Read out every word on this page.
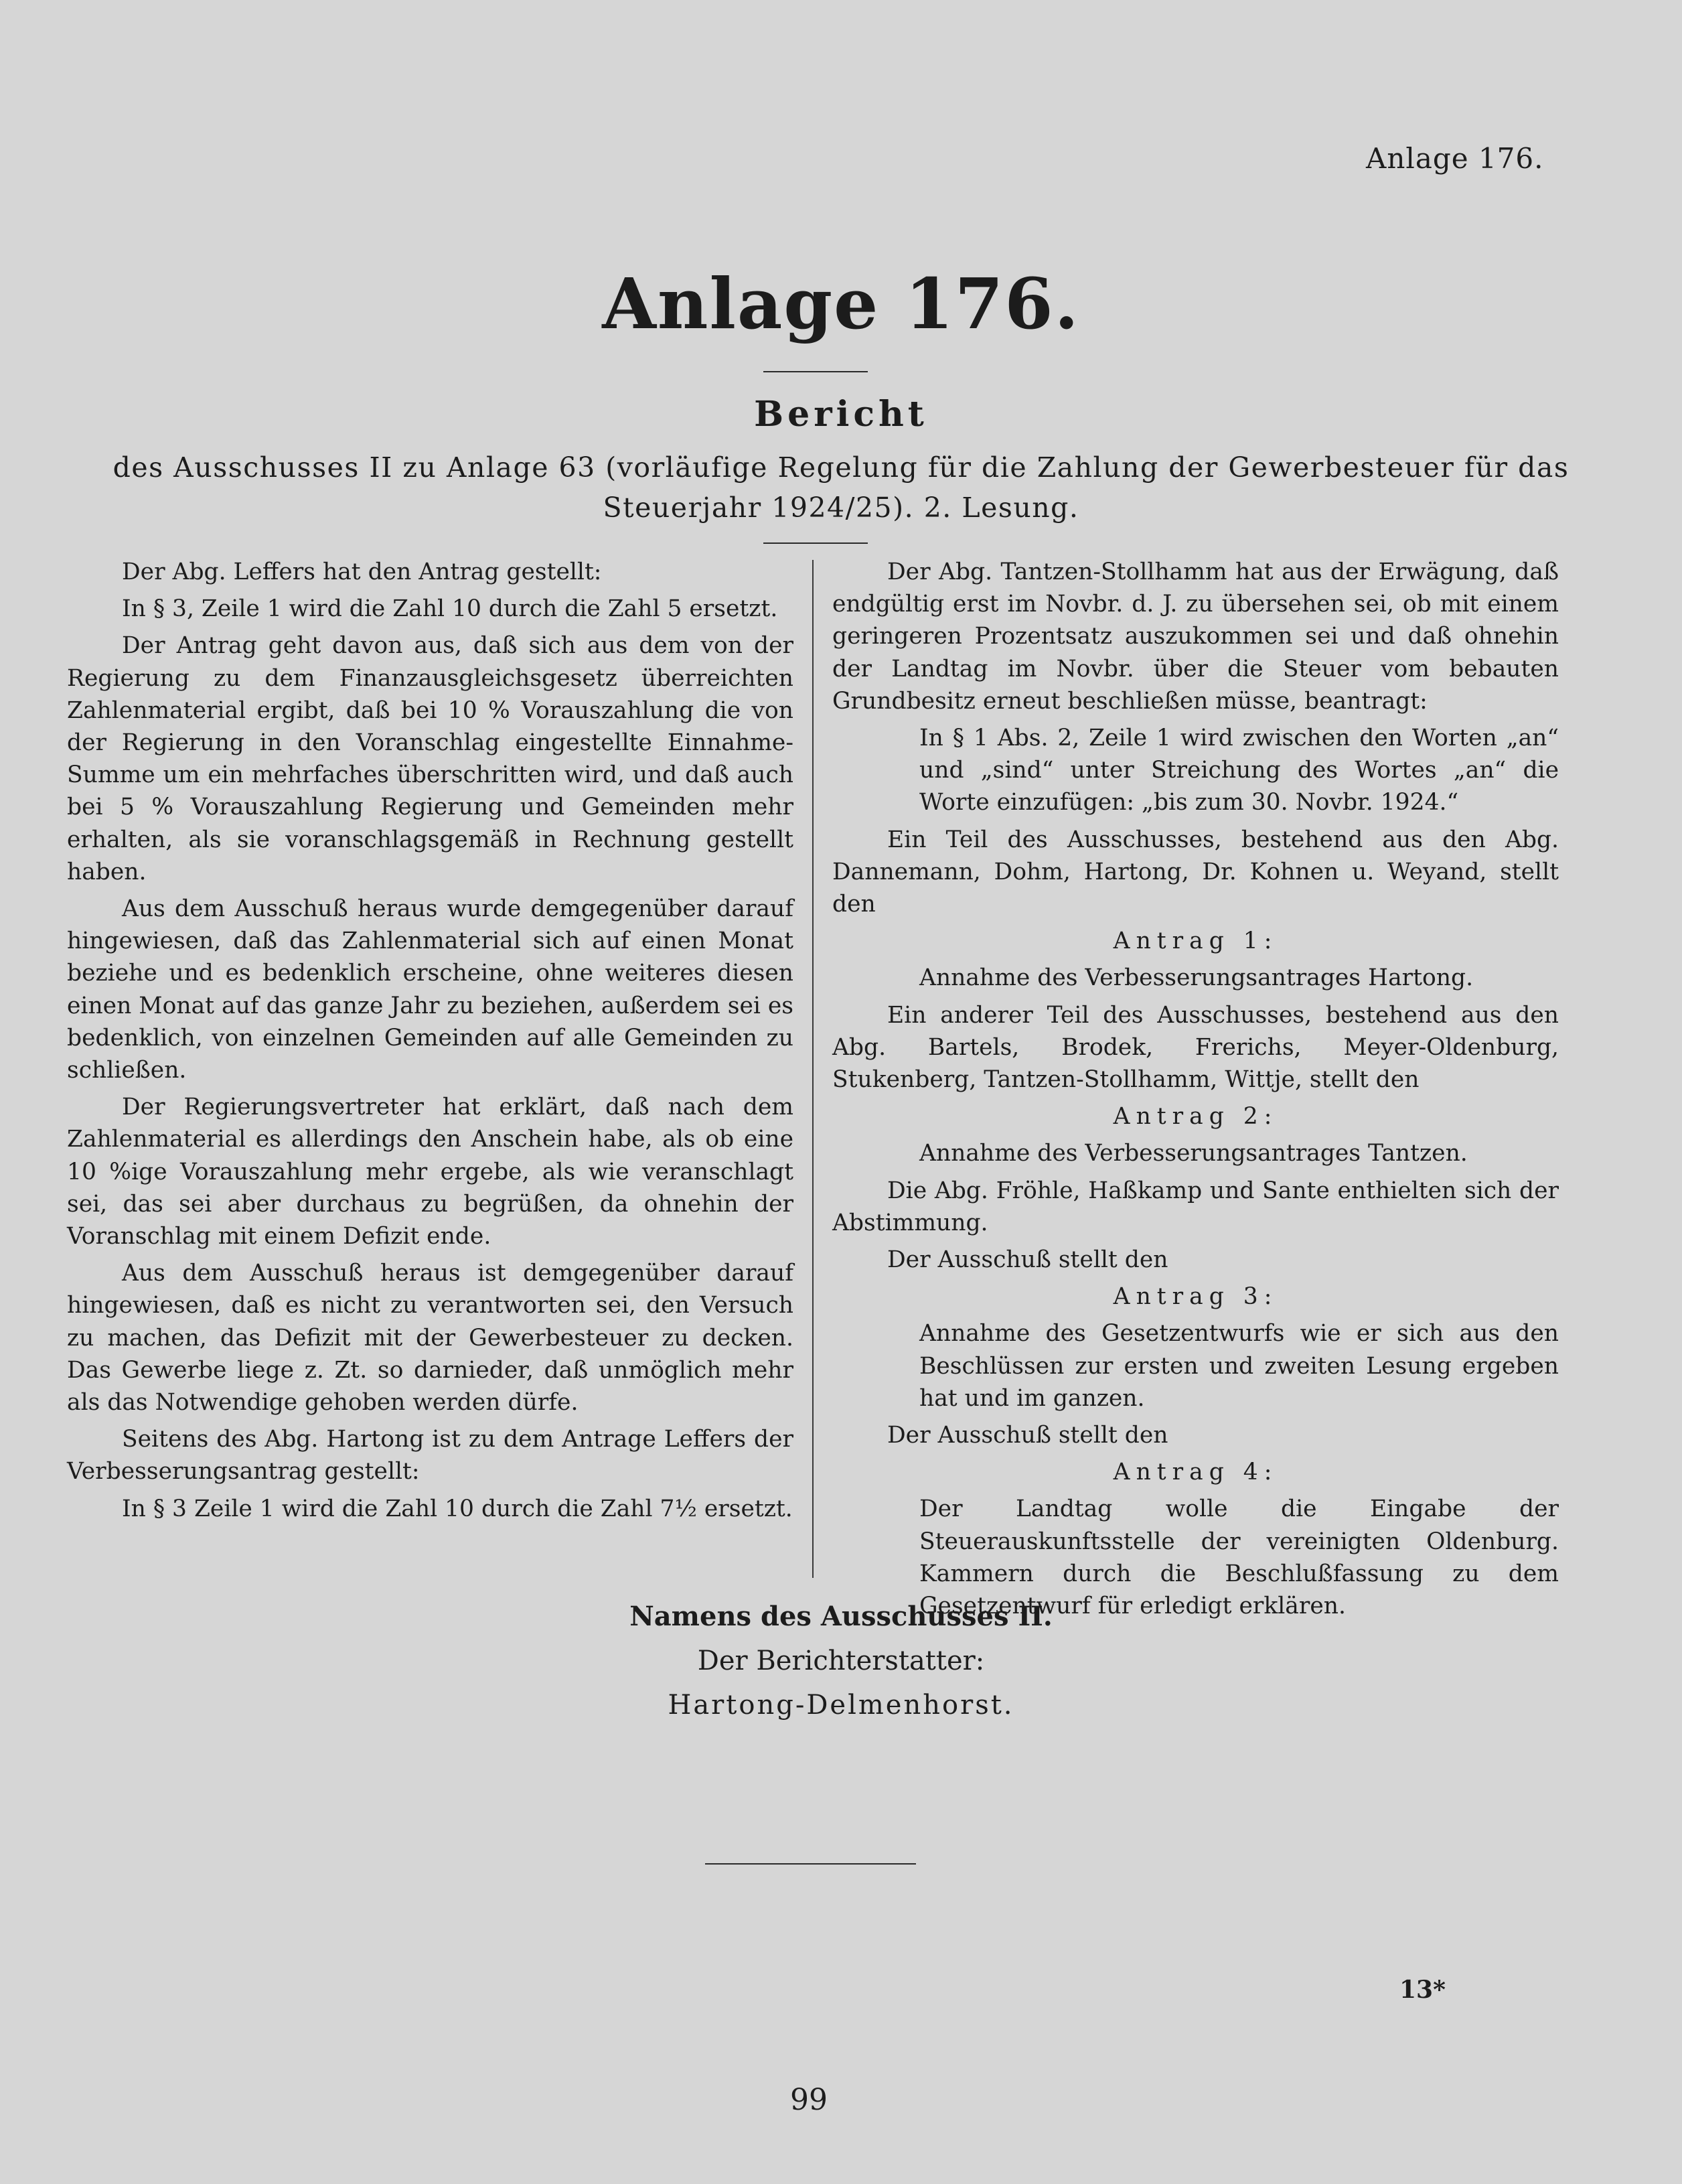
Anlage 176.
Anlage 176.
Bericht
des Ausschusses II zu Anlage 63 (vorläufige Regelung für die Zahlung der Gewerbesteuer für das
Steuerjahr 1924/25). 2. Lesung.

Der Abg. Leffers hat den Antrag gestellt:

In § 3, Zeile 1 wird die Zahl 10 durch die Zahl 5 ersetzt.

Der Antrag geht davon aus, daß sich aus dem von der Regierung zu dem Finanzausgleichsgesetz überreichten Zahlenmaterial ergibt, daß bei 10 % Vorauszahlung die von der Regierung in den Voranschlag eingestellte Einnahme-Summe um ein mehrfaches überschritten wird, und daß auch bei 5 % Vorauszahlung Regierung und Gemeinden mehr erhalten, als sie voranschlagsgemäß in Rechnung gestellt haben.

Aus dem Ausschuß heraus wurde demgegenüber darauf hingewiesen, daß das Zahlenmaterial sich auf einen Monat beziehe und es bedenklich erscheine, ohne weiteres diesen einen Monat auf das ganze Jahr zu beziehen, außerdem sei es bedenklich, von einzelnen Gemeinden auf alle Gemeinden zu schließen.

Der Regierungsvertreter hat erklärt, daß nach dem Zahlenmaterial es allerdings den Anschein habe, als ob eine 10 %ige Vorauszahlung mehr ergebe, als wie veranschlagt sei, das sei aber durchaus zu begrüßen, da ohnehin der Voranschlag mit einem Defizit ende.

Aus dem Ausschuß heraus ist demgegenüber darauf hingewiesen, daß es nicht zu verantworten sei, den Versuch zu machen, das Defizit mit der Gewerbesteuer zu decken. Das Gewerbe liege z. Zt. so darnieder, daß unmöglich mehr als das Notwendige gehoben werden dürfe.

Seitens des Abg. Hartong ist zu dem Antrage Leffers der Verbesserungsantrag gestellt:

In § 3 Zeile 1 wird die Zahl 10 durch die Zahl 7½ ersetzt.

Der Abg. Tantzen-Stollhamm hat aus der Erwägung, daß endgültig erst im Novbr. d. J. zu übersehen sei, ob mit einem geringeren Prozentsatz auszukommen sei und daß ohnehin der Landtag im Novbr. über die Steuer vom bebauten Grundbesitz erneut beschließen müsse, beantragt:

In § 1 Abs. 2, Zeile 1 wird zwischen den Worten „an“ und „sind“ unter Streichung des Wortes „an“ die Worte einzufügen: „bis zum 30. Novbr. 1924.“

Ein Teil des Ausschusses, bestehend aus den Abg. Dannemann, Dohm, Hartong, Dr. Kohnen u. Weyand, stellt den

Antrag 1:

Annahme des Verbesserungsantrages Hartong.

Ein anderer Teil des Ausschusses, bestehend aus den Abg. Bartels, Brodek, Frerichs, Meyer-Oldenburg, Stukenberg, Tantzen-Stollhamm, Wittje, stellt den

Antrag 2:

Annahme des Verbesserungsantrages Tantzen.

Die Abg. Fröhle, Haßkamp und Sante enthielten sich der Abstimmung.

Der Ausschuß stellt den

Antrag 3:

Annahme des Gesetzentwurfs wie er sich aus den Beschlüssen zur ersten und zweiten Lesung ergeben hat und im ganzen.

Der Ausschuß stellt den

Antrag 4:

Der Landtag wolle die Eingabe der Steuerauskunftsstelle der vereinigten Oldenburg. Kammern durch die Beschlußfassung zu dem Gesetzentwurf für erledigt erklären.

Namens des Ausschusses II.
Der Berichterstatter:
Hartong-Delmenhorst.
13*
99
